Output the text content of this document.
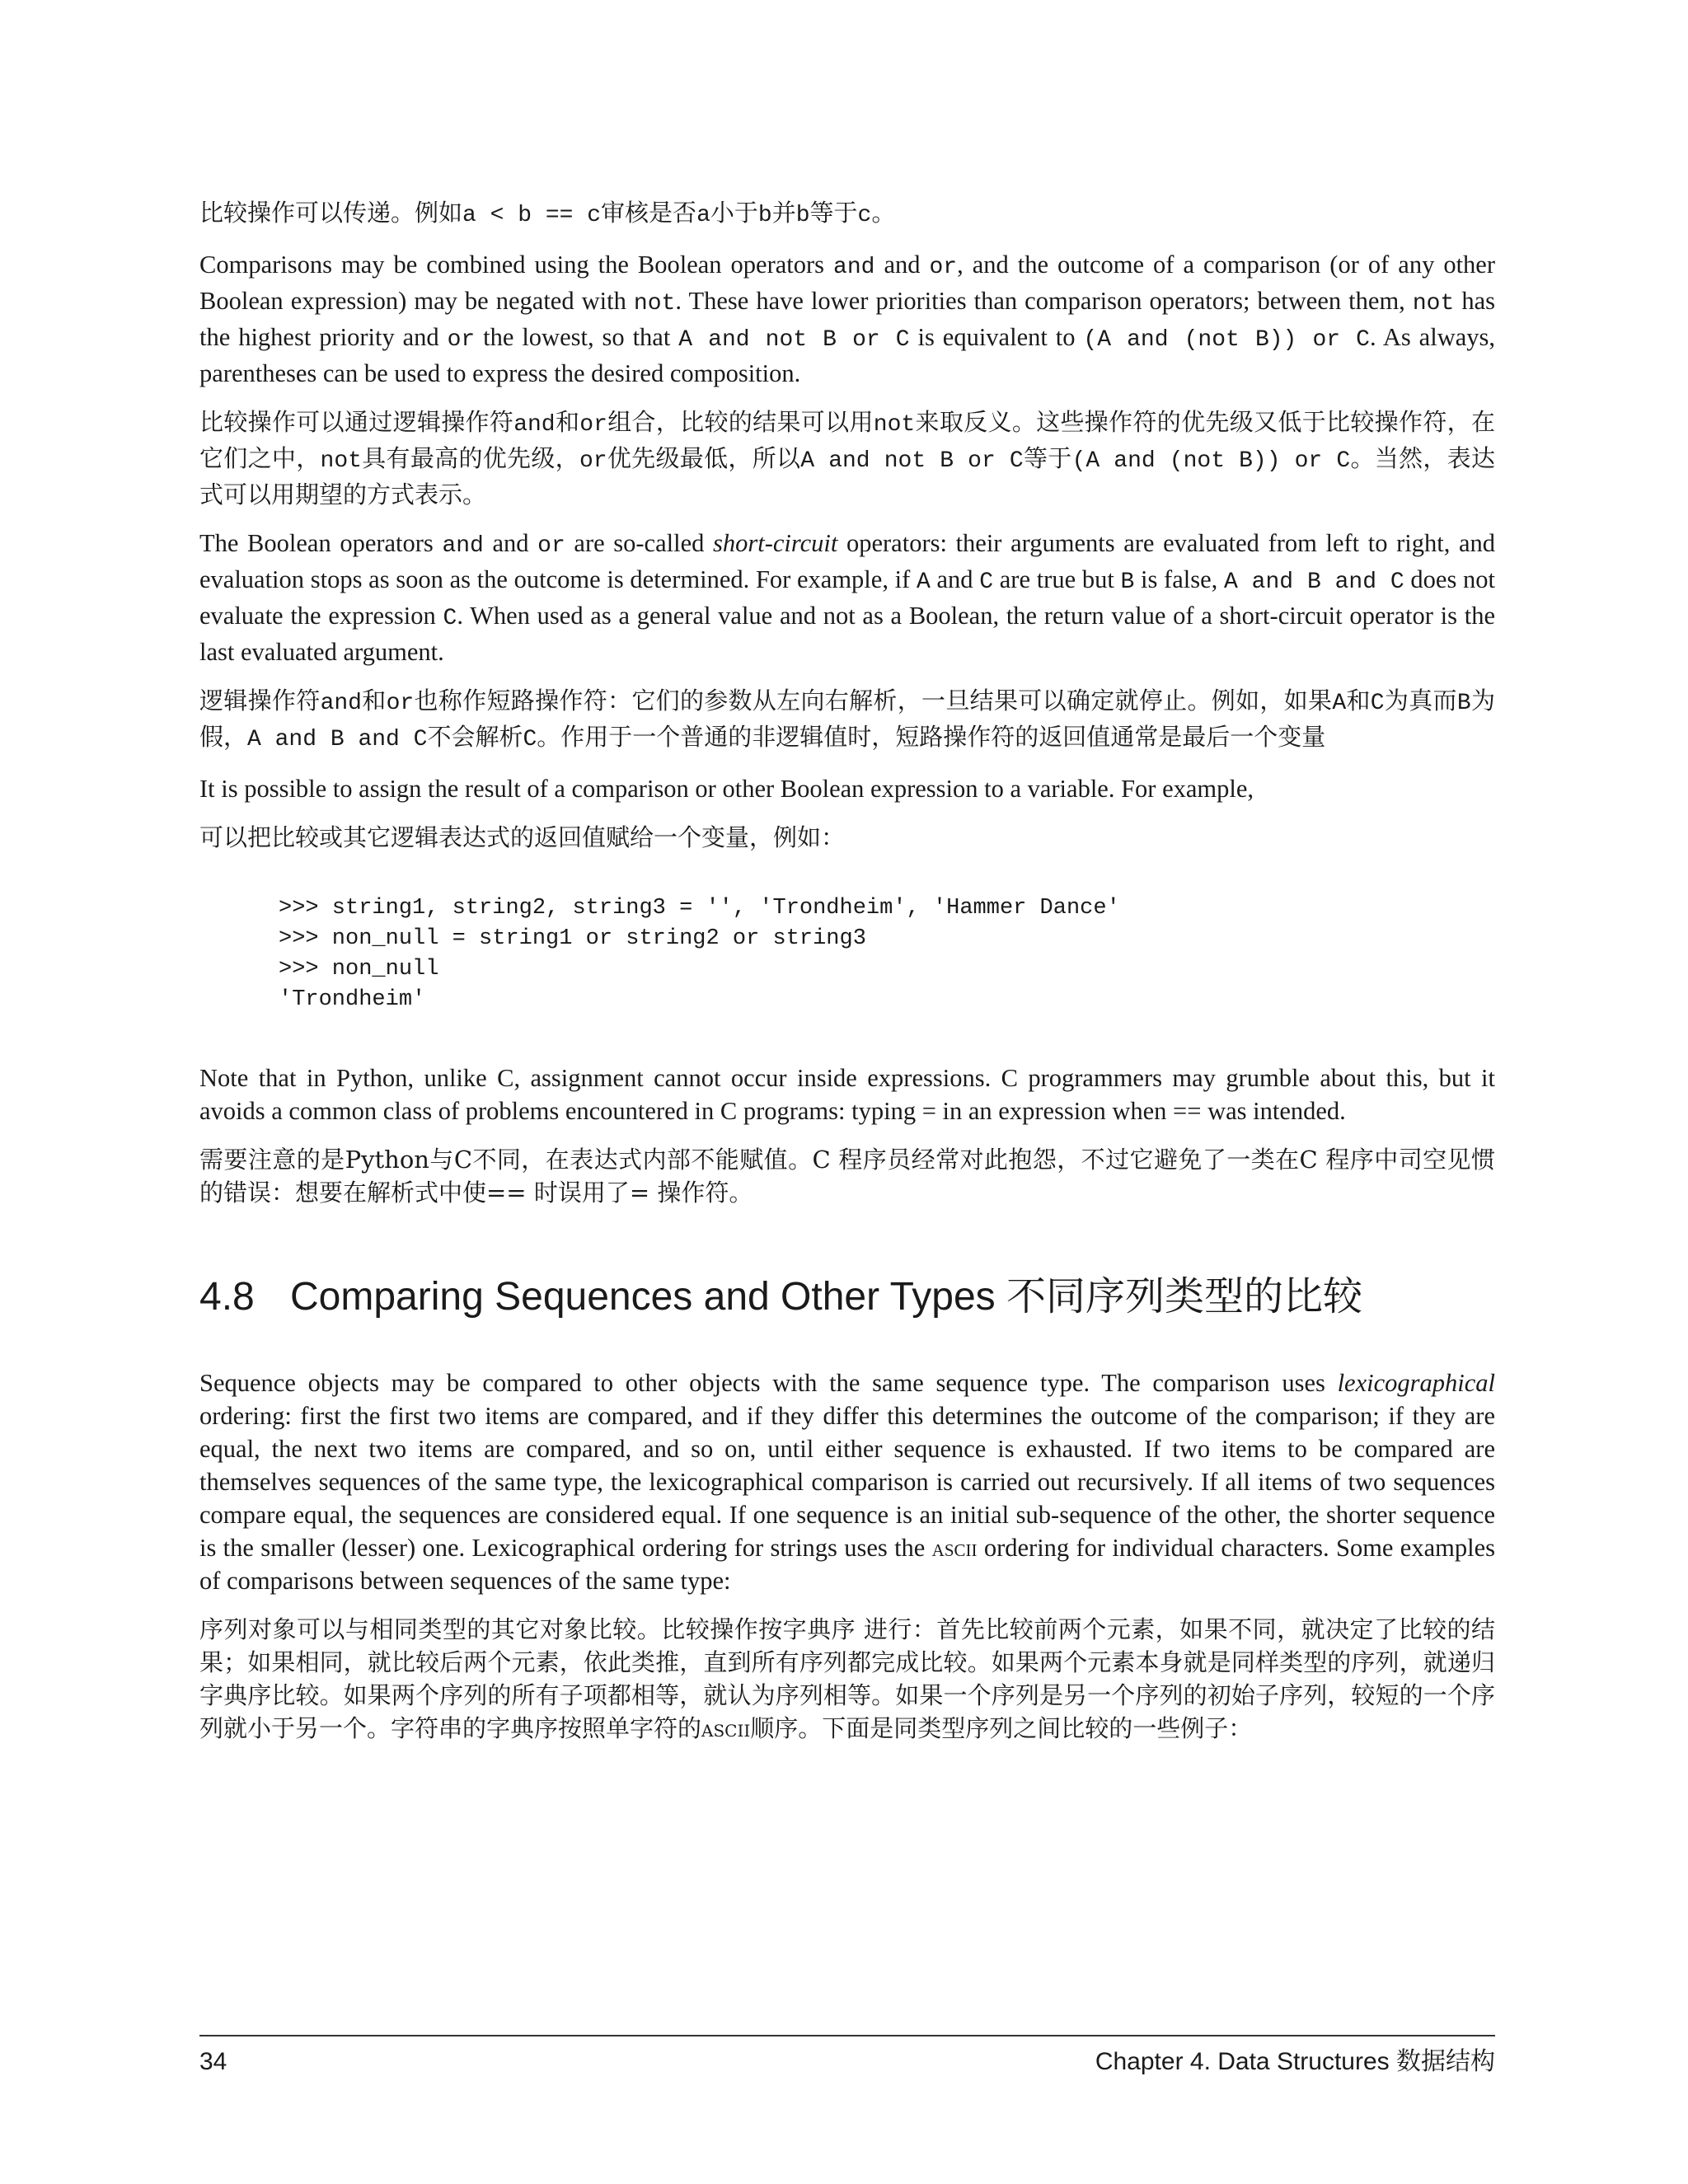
比较操作可以传递。例如a < b == c审核是否a小于b并b等于c。

Comparisons may be combined using the Boolean operators and and or, and the outcome of a comparison (or of any other Boolean expression) may be negated with not. These have lower priorities than comparison operators; between them, not has the highest priority and or the lowest, so that A and not B or C is equivalent to (A and (not B)) or C. As always, parentheses can be used to express the desired composition.

比较操作可以通过逻辑操作符and和or组合，比较的结果可以用not来取反义。这些操作符的优先级又低于比较操作符，在它们之中，not具有最高的优先级，or优先级最低，所以A and not B or C等于(A and (not B)) or C。当然，表达式可以用期望的方式表示。

The Boolean operators and and or are so-called short-circuit operators: their arguments are evaluated from left to right, and evaluation stops as soon as the outcome is determined. For example, if A and C are true but B is false, A and B and C does not evaluate the expression C. When used as a general value and not as a Boolean, the return value of a short-circuit operator is the last evaluated argument.

逻辑操作符and和or也称作短路操作符：它们的参数从左向右解析，一旦结果可以确定就停止。例如，如果A和C为真而B为假，A and B and C不会解析C。作用于一个普通的非逻辑值时，短路操作符的返回值通常是最后一个变量

It is possible to assign the result of a comparison or other Boolean expression to a variable. For example,

可以把比较或其它逻辑表达式的返回值赋给一个变量，例如：

>>> string1, string2, string3 = '', 'Trondheim', 'Hammer Dance'
>>> non_null = string1 or string2 or string3
>>> non_null
'Trondheim'

Note that in Python, unlike C, assignment cannot occur inside expressions. C programmers may grumble about this, but it avoids a common class of problems encountered in C programs: typing = in an expression when == was intended.

需要注意的是Python与C不同，在表达式内部不能赋值。C 程序员经常对此抱怨，不过它避免了一类在C 程序中司空见惯的错误：想要在解析式中使== 时误用了= 操作符。

4.8 Comparing Sequences and Other Types 不同序列类型的比较

Sequence objects may be compared to other objects with the same sequence type. The comparison uses lexicographical ordering: first the first two items are compared, and if they differ this determines the outcome of the comparison; if they are equal, the next two items are compared, and so on, until either sequence is exhausted. If two items to be compared are themselves sequences of the same type, the lexicographical comparison is carried out recursively. If all items of two sequences compare equal, the sequences are considered equal. If one sequence is an initial sub-sequence of the other, the shorter sequence is the smaller (lesser) one. Lexicographical ordering for strings uses the ascii ordering for individual characters. Some examples of comparisons between sequences of the same type:

序列对象可以与相同类型的其它对象比较。比较操作按字典序 进行：首先比较前两个元素，如果不同，就决定了比较的结果；如果相同，就比较后两个元素，依此类推，直到所有序列都完成比较。如果两个元素本身就是同样类型的序列，就递归字典序比较。如果两个序列的所有子项都相等，就认为序列相等。如果一个序列是另一个序列的初始子序列，较短的一个序列就小于另一个。字符串的字典序按照单字符的ascii顺序。下面是同类型序列之间比较的一些例子：

34	Chapter 4. Data Structures 数据结构
